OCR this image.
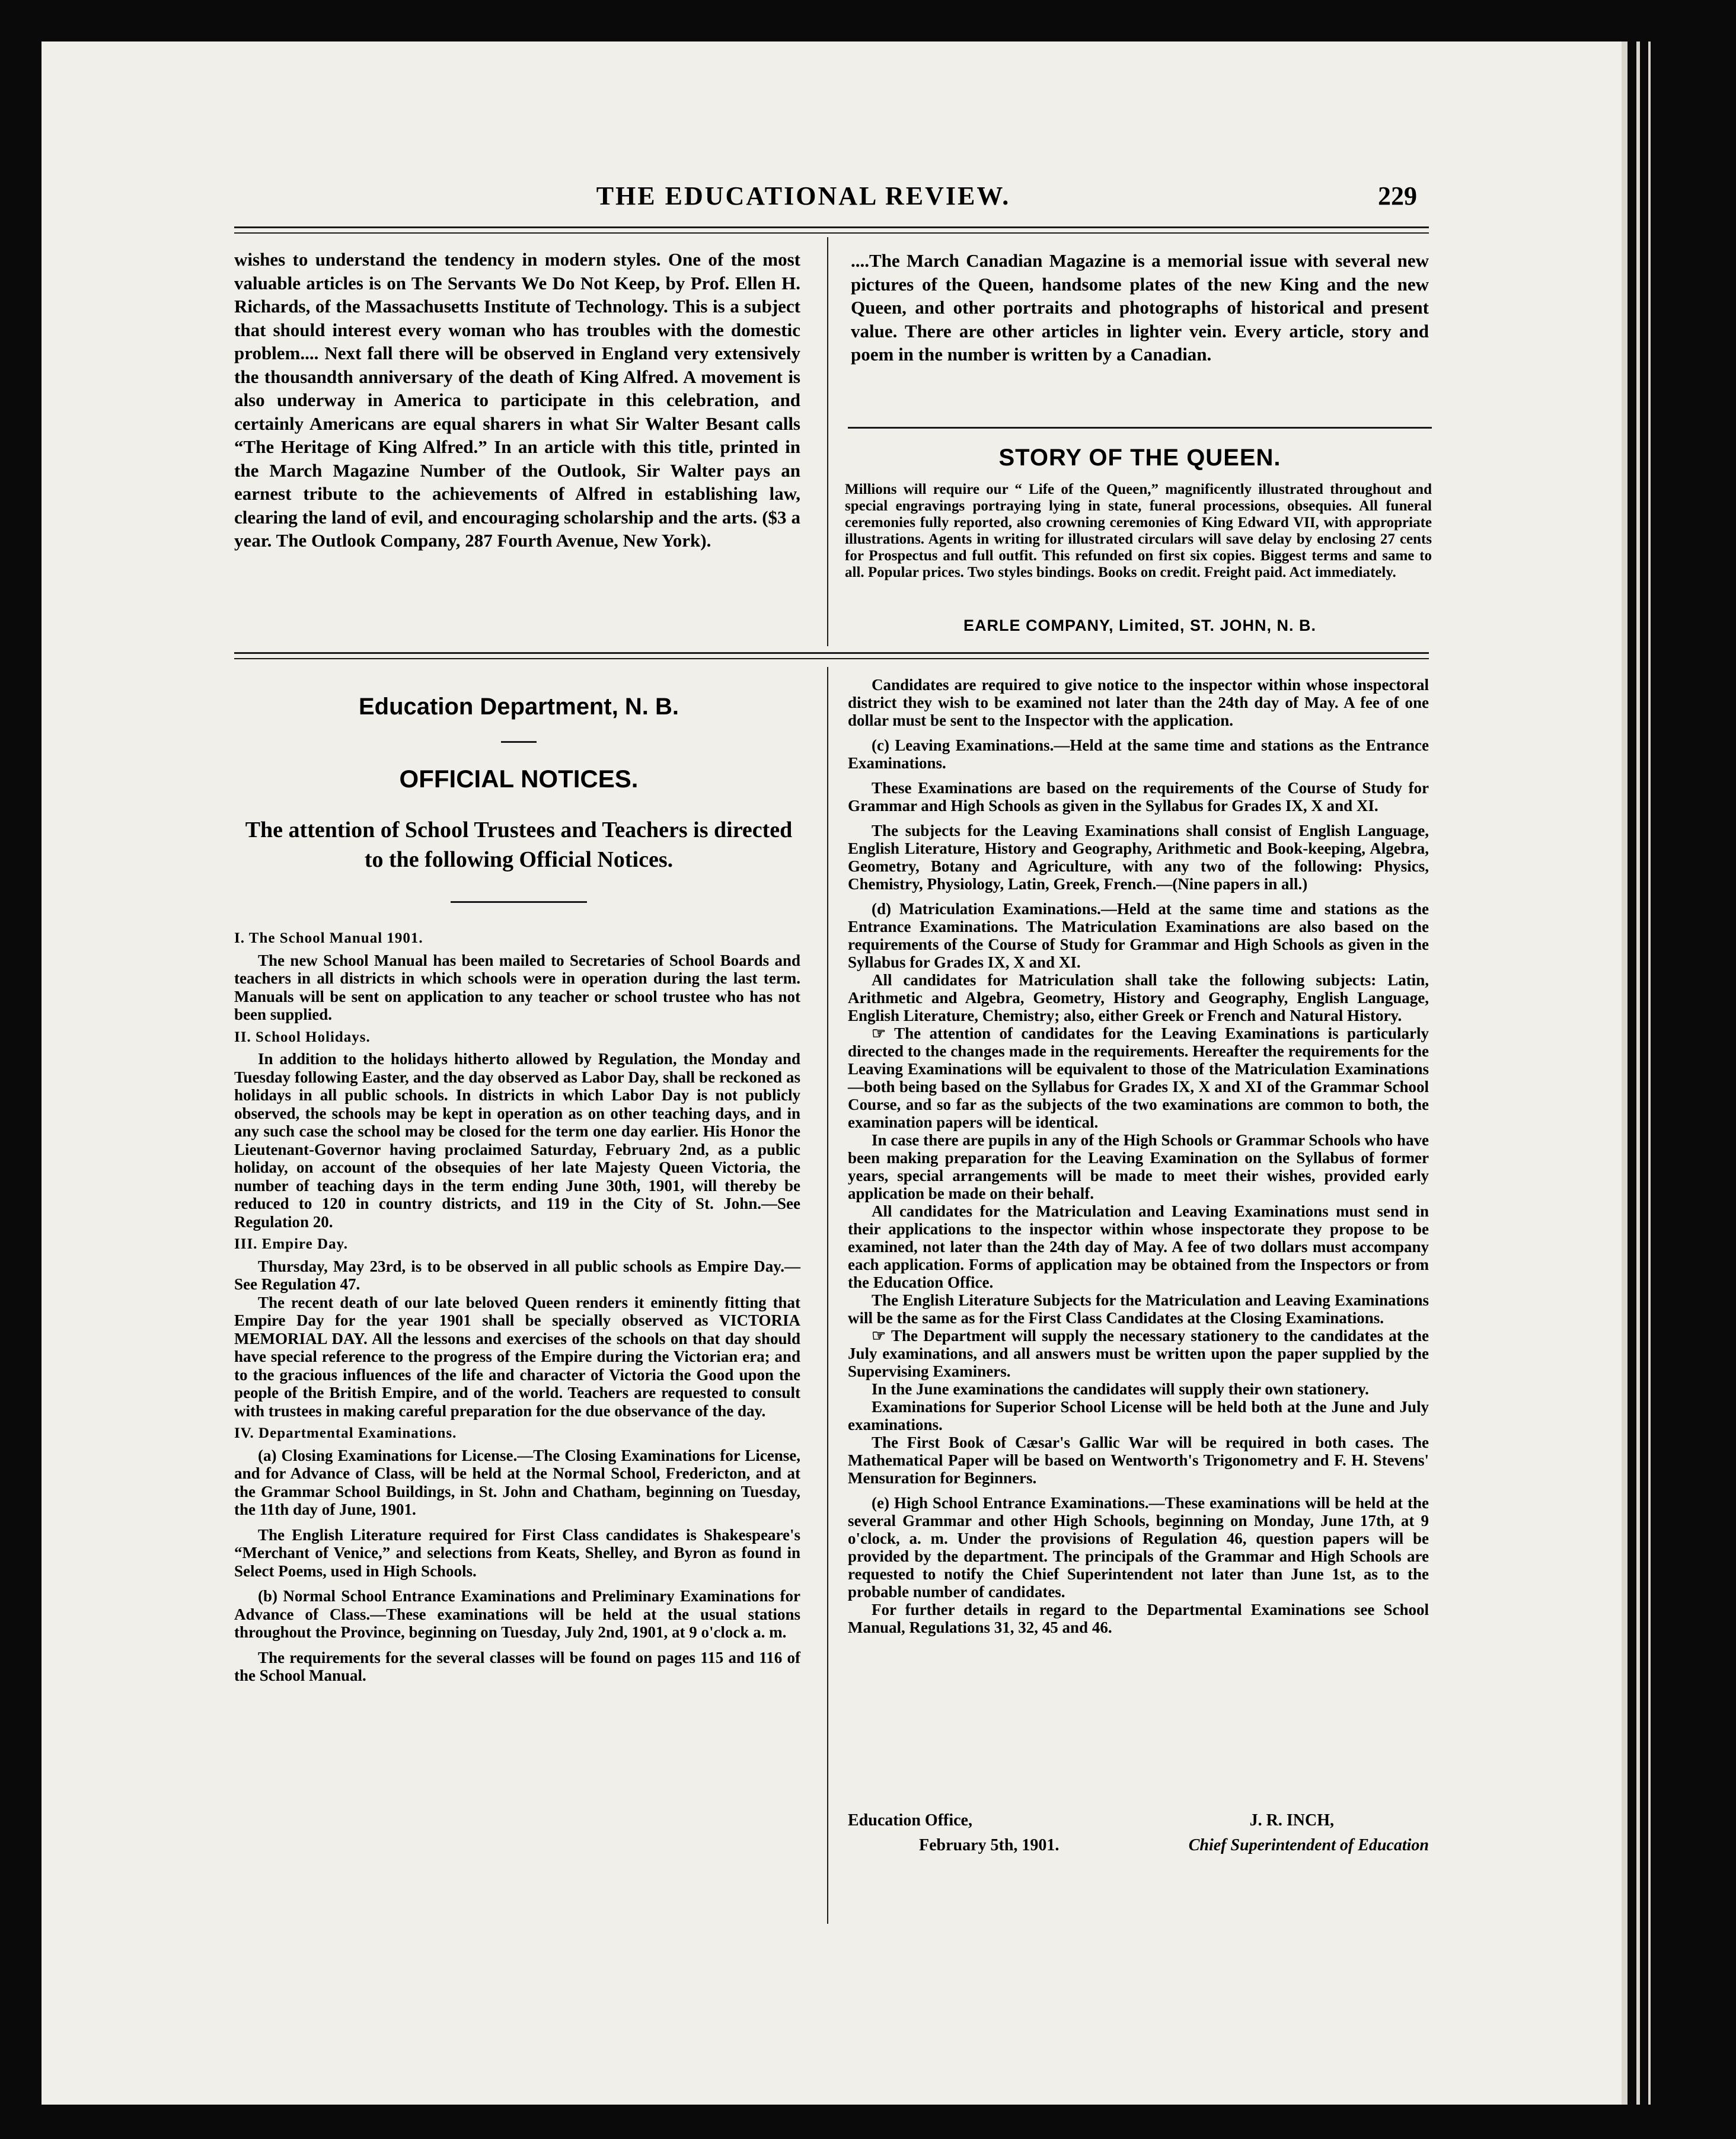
THE EDUCATIONAL REVIEW.	229

wishes to understand the tendency in modern styles. One of the most valuable articles is on The Servants We Do Not Keep, by Prof. Ellen H. Richards, of the Massachusetts Institute of Technology. This is a subject that should interest every woman who has troubles with the domestic problem.... Next fall there will be observed in England very extensively the thousandth anniversary of the death of King Alfred. A movement is also underway in America to participate in this celebration, and certainly Americans are equal sharers in what Sir Walter Besant calls “The Heritage of King Alfred.” In an article with this title, printed in the March Magazine Number of the Outlook, Sir Walter pays an earnest tribute to the achievements of Alfred in establishing law, clearing the land of evil, and encouraging scholarship and the arts. ($3 a year. The Outlook Company, 287 Fourth Avenue, New York).

....The March Canadian Magazine is a memorial issue with several new pictures of the Queen, handsome plates of the new King and the new Queen, and other portraits and photographs of historical and present value. There are other articles in lighter vein. Every article, story and poem in the number is written by a Canadian.

STORY OF THE QUEEN.
Millions will require our “ Life of the Queen,” magnificently illustrated throughout and special engravings portraying lying in state, funeral processions, obsequies. All funeral ceremonies fully reported, also crowning ceremonies of King Edward VII, with appropriate illustrations. Agents in writing for illustrated circulars will save delay by enclosing 27 cents for Prospectus and full outfit. This refunded on first six copies. Biggest terms and same to all. Popular prices. Two styles bindings. Books on credit. Freight paid. Act immediately.
EARLE COMPANY, Limited, ST. JOHN, N. B.
Education Department, N. B.
OFFICIAL NOTICES.
The attention of School Trustees and Teachers is directed to the following Official Notices.

I. The School Manual 1901.

The new School Manual has been mailed to Secretaries of School Boards and teachers in all districts in which schools were in operation during the last term. Manuals will be sent on application to any teacher or school trustee who has not been supplied.

II. School Holidays.

In addition to the holidays hitherto allowed by Regulation, the Monday and Tuesday following Easter, and the day observed as Labor Day, shall be reckoned as holidays in all public schools. In districts in which Labor Day is not publicly observed, the schools may be kept in operation as on other teaching days, and in any such case the school may be closed for the term one day earlier. His Honor the Lieutenant-Governor having proclaimed Saturday, February 2nd, as a public holiday, on account of the obsequies of her late Majesty Queen Victoria, the number of teaching days in the term ending June 30th, 1901, will thereby be reduced to 120 in country districts, and 119 in the City of St. John.—See Regulation 20.

III. Empire Day.

Thursday, May 23rd, is to be observed in all public schools as Empire Day.—See Regulation 47.

The recent death of our late beloved Queen renders it eminently fitting that Empire Day for the year 1901 shall be specially observed as VICTORIA MEMORIAL DAY. All the lessons and exercises of the schools on that day should have special reference to the progress of the Empire during the Victorian era; and to the gracious influences of the life and character of Victoria the Good upon the people of the British Empire, and of the world. Teachers are requested to consult with trustees in making careful preparation for the due observance of the day.

IV. Departmental Examinations.

(a) Closing Examinations for License.—The Closing Examinations for License, and for Advance of Class, will be held at the Normal School, Fredericton, and at the Grammar School Buildings, in St. John and Chatham, beginning on Tuesday, the 11th day of June, 1901.

The English Literature required for First Class candidates is Shakespeare's “Merchant of Venice,” and selections from Keats, Shelley, and Byron as found in Select Poems, used in High Schools.

(b) Normal School Entrance Examinations and Preliminary Examinations for Advance of Class.—These examinations will be held at the usual stations throughout the Province, beginning on Tuesday, July 2nd, 1901, at 9 o'clock a. m.

The requirements for the several classes will be found on pages 115 and 116 of the School Manual.

Candidates are required to give notice to the inspector within whose inspectoral district they wish to be examined not later than the 24th day of May. A fee of one dollar must be sent to the Inspector with the application.

(c) Leaving Examinations.—Held at the same time and stations as the Entrance Examinations.

These Examinations are based on the requirements of the Course of Study for Grammar and High Schools as given in the Syllabus for Grades IX, X and XI.

The subjects for the Leaving Examinations shall consist of English Language, English Literature, History and Geography, Arithmetic and Book-keeping, Algebra, Geometry, Botany and Agriculture, with any two of the following: Physics, Chemistry, Physiology, Latin, Greek, French.—(Nine papers in all.)

(d) Matriculation Examinations.—Held at the same time and stations as the Entrance Examinations. The Matriculation Examinations are also based on the requirements of the Course of Study for Grammar and High Schools as given in the Syllabus for Grades IX, X and XI.

All candidates for Matriculation shall take the following subjects: Latin, Arithmetic and Algebra, Geometry, History and Geography, English Language, English Literature, Chemistry; also, either Greek or French and Natural History.

☞ The attention of candidates for the Leaving Examinations is particularly directed to the changes made in the requirements. Hereafter the requirements for the Leaving Examinations will be equivalent to those of the Matriculation Examinations—both being based on the Syllabus for Grades IX, X and XI of the Grammar School Course, and so far as the subjects of the two examinations are common to both, the examination papers will be identical.

In case there are pupils in any of the High Schools or Grammar Schools who have been making preparation for the Leaving Examination on the Syllabus of former years, special arrangements will be made to meet their wishes, provided early application be made on their behalf.

All candidates for the Matriculation and Leaving Examinations must send in their applications to the inspector within whose inspectorate they propose to be examined, not later than the 24th day of May. A fee of two dollars must accompany each application. Forms of application may be obtained from the Inspectors or from the Education Office.

The English Literature Subjects for the Matriculation and Leaving Examinations will be the same as for the First Class Candidates at the Closing Examinations.

☞ The Department will supply the necessary stationery to the candidates at the July examinations, and all answers must be written upon the paper supplied by the Supervising Examiners.

In the June examinations the candidates will supply their own stationery.

Examinations for Superior School License will be held both at the June and July examinations.

The First Book of Cæsar's Gallic War will be required in both cases. The Mathematical Paper will be based on Wentworth's Trigonometry and F. H. Stevens' Mensuration for Beginners.

(e) High School Entrance Examinations.—These examinations will be held at the several Grammar and other High Schools, beginning on Monday, June 17th, at 9 o'clock, a. m. Under the provisions of Regulation 46, question papers will be provided by the department. The principals of the Grammar and High Schools are requested to notify the Chief Superintendent not later than June 1st, as to the probable number of candidates.

For further details in regard to the Departmental Examinations see School Manual, Regulations 31, 32, 45 and 46.

Education Office,	J. R. INCH,
February 5th, 1901.	Chief Superintendent of Education
